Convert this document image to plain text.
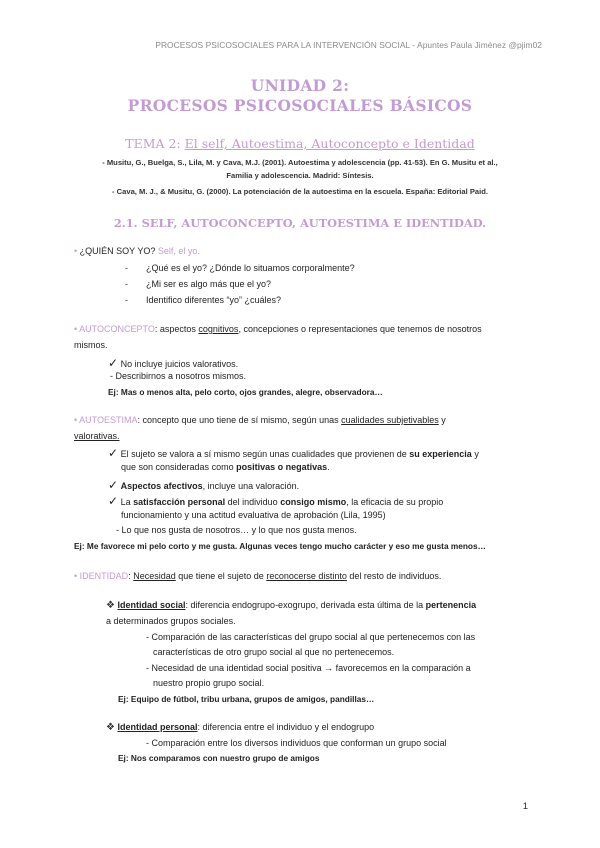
PROCESOS PSICOSOCIALES PARA LA INTERVENCIÓN SOCIAL - Apuntes Paula Jiménez @pjim02
UNIDAD 2:
PROCESOS PSICOSOCIALES BÁSICOS
TEMA 2: El self, Autoestima, Autoconcepto e Identidad
- Musitu, G., Buelga, S., Lila, M. y Cava, M.J. (2001). Autoestima y adolescencia (pp. 41-53). En G. Musitu et al.,
Familia y adolescencia. Madrid: Síntesis.
- Cava, M. J., & Musitu, G. (2000). La potenciación de la autoestima en la escuela. España: Editorial Paid.
2.1. SELF, AUTOCONCEPTO, AUTOESTIMA E IDENTIDAD.
• ¿QUIÉN SOY YO? Self, el yo.
- ¿Qué es el yo? ¿Dónde lo situamos corporalmente?
- ¿Mi ser es algo más que el yo?
- Identifico diferentes “yo” ¿cuáles?
• AUTOCONCEPTO: aspectos cognitivos, concepciones o representaciones que tenemos de nosotros
mismos.
✓ No incluye juicios valorativos.
- Describirnos a nosotros mismos.
Ej: Mas o menos alta, pelo corto, ojos grandes, alegre, observadora…
• AUTOESTIMA: concepto que uno tiene de sí mismo, según unas cualidades subjetivables y
valorativas.
✓ El sujeto se valora a sí mismo según unas cualidades que provienen de su experiencia y
que son consideradas como positivas o negativas.
✓ Aspectos afectivos, incluye una valoración.
✓ La satisfacción personal del individuo consigo mismo, la eficacia de su propio
funcionamiento y una actitud evaluativa de aprobación (Lila, 1995)
- Lo que nos gusta de nosotros… y lo que nos gusta menos.
Ej: Me favorece mi pelo corto y me gusta. Algunas veces tengo mucho carácter y eso me gusta menos…
• IDENTIDAD: Necesidad que tiene el sujeto de reconocerse distinto del resto de individuos.
❖ Identidad social: diferencia endogrupo-exogrupo, derivada esta última de la pertenencia
a determinados grupos sociales.
- Comparación de las características del grupo social al que pertenecemos con las
características de otro grupo social al que no pertenecemos.
- Necesidad de una identidad social positiva → favorecemos en la comparación a
nuestro propio grupo social.
Ej: Equipo de fútbol, tribu urbana, grupos de amigos, pandillas…
❖ Identidad personal: diferencia entre el individuo y el endogrupo
- Comparación entre los diversos individuos que conforman un grupo social
Ej: Nos comparamos con nuestro grupo de amigos
1
